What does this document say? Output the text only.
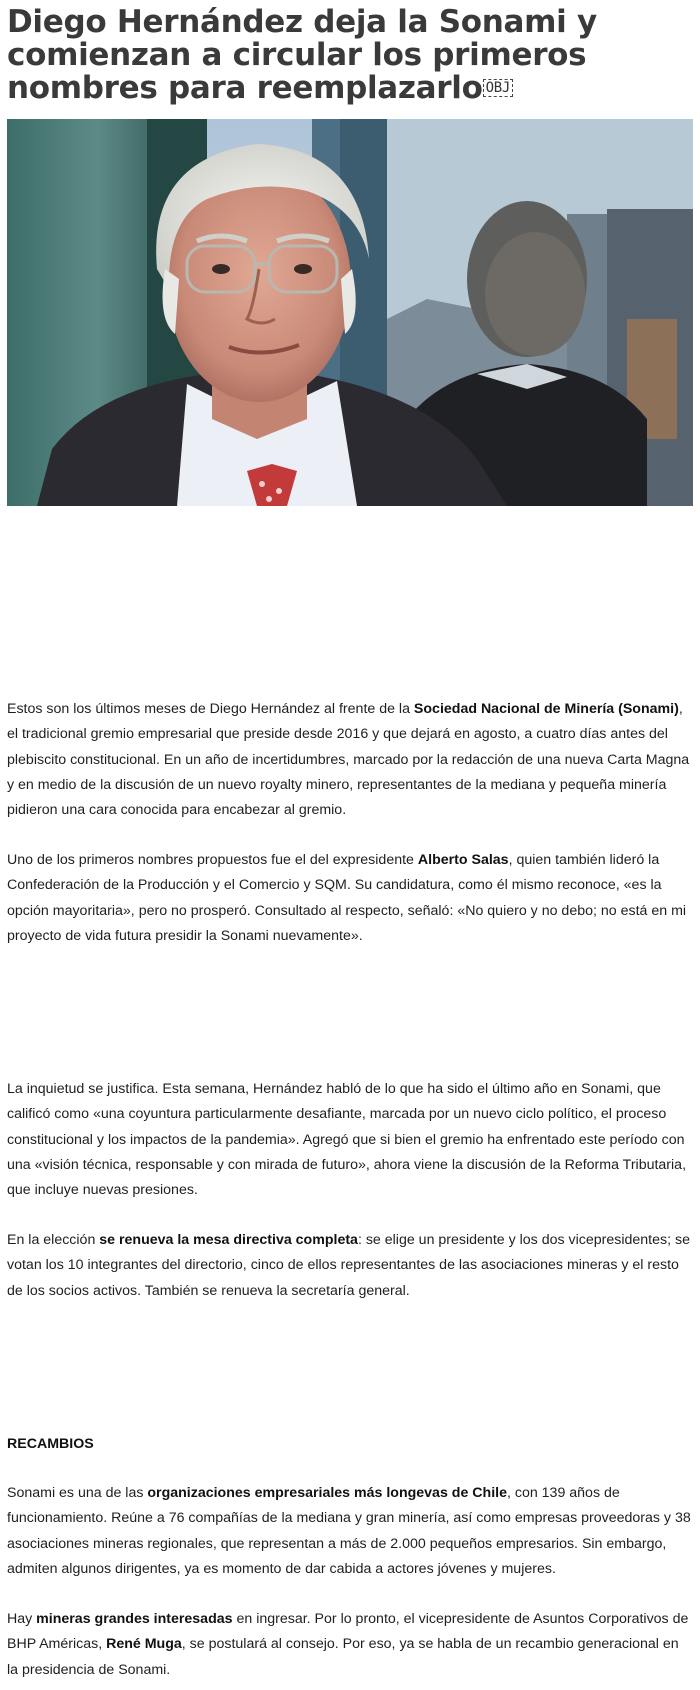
Diego Hernández deja la Sonami y comienzan a circular los primeros nombres para reemplazarlo OBJ

Estos son los últimos meses de Diego Hernández al frente de la Sociedad Nacional de Minería (Sonami), el tradicional gremio empresarial que preside desde 2016 y que dejará en agosto, a cuatro días antes del plebiscito constitucional. En un año de incertidumbres, marcado por la redacción de una nueva Carta Magna y en medio de la discusión de un nuevo royalty minero, representantes de la mediana y pequeña minería pidieron una cara conocida para encabezar al gremio.

Uno de los primeros nombres propuestos fue el del expresidente Alberto Salas, quien también lideró la Confederación de la Producción y el Comercio y SQM. Su candidatura, como él mismo reconoce, «es la opción mayoritaria», pero no prosperó. Consultado al respecto, señaló: «No quiero y no debo; no está en mi proyecto de vida futura presidir la Sonami nuevamente».

La inquietud se justifica. Esta semana, Hernández habló de lo que ha sido el último año en Sonami, que calificó como «una coyuntura particularmente desafiante, marcada por un nuevo ciclo político, el proceso constitucional y los impactos de la pandemia». Agregó que si bien el gremio ha enfrentado este período con una «visión técnica, responsable y con mirada de futuro», ahora viene la discusión de la Reforma Tributaria, que incluye nuevas presiones.

En la elección se renueva la mesa directiva completa: se elige un presidente y los dos vicepresidentes; se votan los 10 integrantes del directorio, cinco de ellos representantes de las asociaciones mineras y el resto de los socios activos. También se renueva la secretaría general.

RECAMBIOS

Sonami es una de las organizaciones empresariales más longevas de Chile, con 139 años de funcionamiento. Reúne a 76 compañías de la mediana y gran minería, así como empresas proveedoras y 38 asociaciones mineras regionales, que representan a más de 2.000 pequeños empresarios. Sin embargo, admiten algunos dirigentes, ya es momento de dar cabida a actores jóvenes y mujeres.

Hay mineras grandes interesadas en ingresar. Por lo pronto, el vicepresidente de Asuntos Corporativos de BHP Américas, René Muga, se postulará al consejo. Por eso, ya se habla de un recambio generacional en la presidencia de Sonami.
